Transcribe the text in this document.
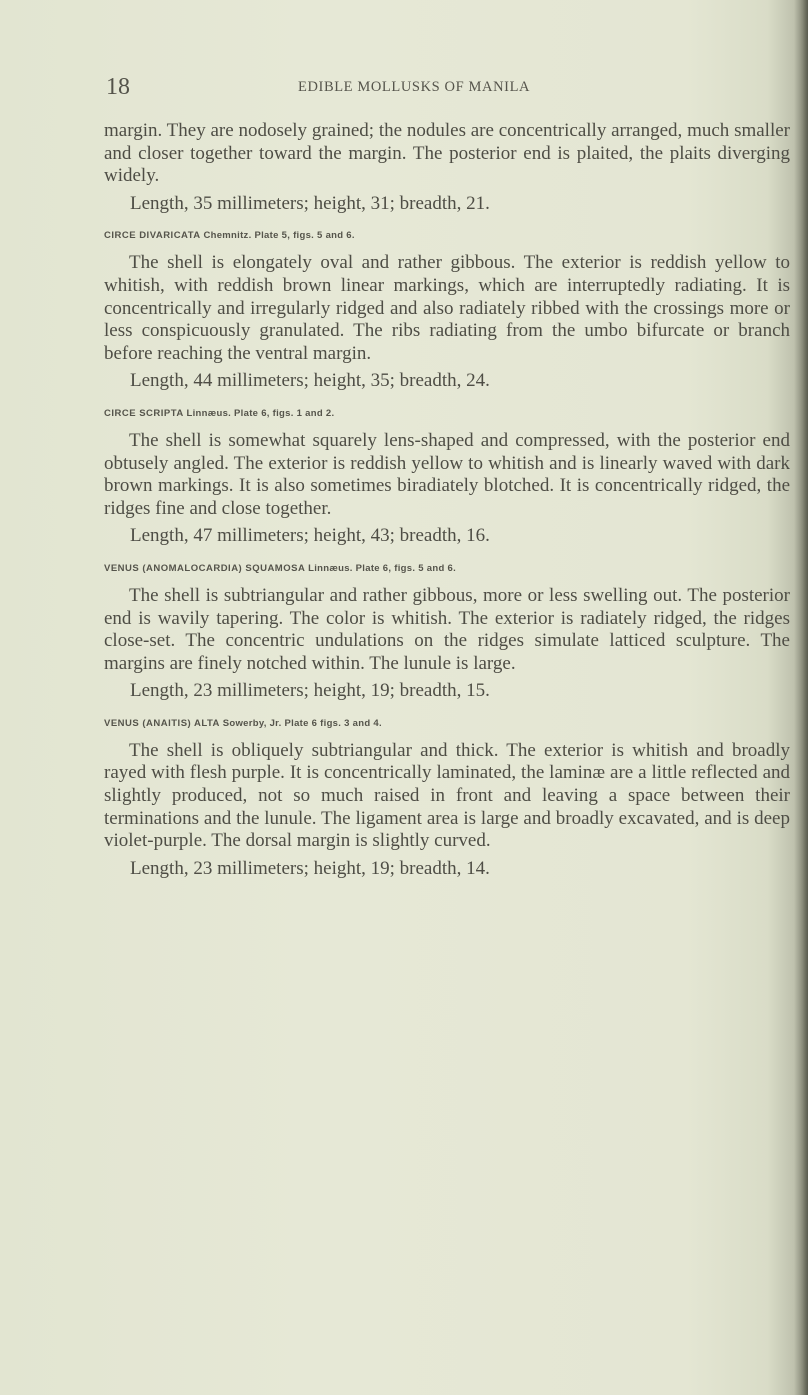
18	EDIBLE MOLLUSKS OF MANILA

margin. They are nodosely grained; the nodules are concentrically arranged, much smaller and closer together toward the margin. The posterior end is plaited, the plaits diverging widely.

Length, 35 millimeters; height, 31; breadth, 21.

CIRCE DIVARICATA Chemnitz. Plate 5, figs. 5 and 6.

The shell is elongately oval and rather gibbous. The exterior is reddish yellow to whitish, with reddish brown linear markings, which are interruptedly radiating. It is concentrically and irregularly ridged and also radiately ribbed with the crossings more or less conspicuously granulated. The ribs radiating from the umbo bifurcate or branch before reaching the ventral margin.

Length, 44 millimeters; height, 35; breadth, 24.

CIRCE SCRIPTA Linnæus. Plate 6, figs. 1 and 2.

The shell is somewhat squarely lens-shaped and compressed, with the posterior end obtusely angled. The exterior is reddish yellow to whitish and is linearly waved with dark brown markings. It is also sometimes biradiately blotched. It is concentrically ridged, the ridges fine and close together.

Length, 47 millimeters; height, 43; breadth, 16.

VENUS (ANOMALOCARDIA) SQUAMOSA Linnæus. Plate 6, figs. 5 and 6.

The shell is subtriangular and rather gibbous, more or less swelling out. The posterior end is wavily tapering. The color is whitish. The exterior is radiately ridged, the ridges close-set. The concentric undulations on the ridges simulate latticed sculpture. The margins are finely notched within. The lunule is large.

Length, 23 millimeters; height, 19; breadth, 15.

VENUS (ANAITIS) ALTA Sowerby, Jr. Plate 6 figs. 3 and 4.

The shell is obliquely subtriangular and thick. The exterior is whitish and broadly rayed with flesh purple. It is concentrically laminated, the laminæ are a little reflected and slightly produced, not so much raised in front and leaving a space between their terminations and the lunule. The ligament area is large and broadly excavated, and is deep violet-purple. The dorsal margin is slightly curved.

Length, 23 millimeters; height, 19; breadth, 14.
